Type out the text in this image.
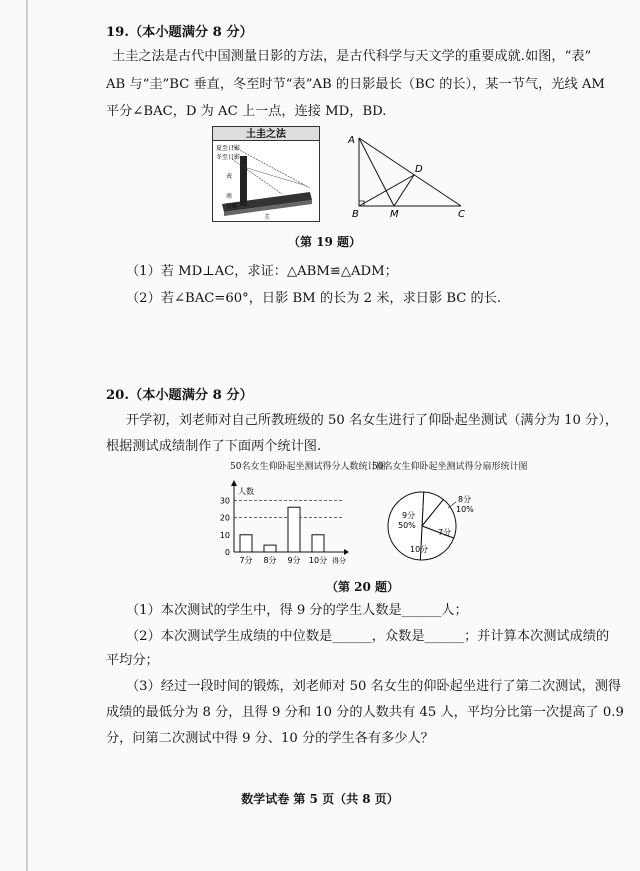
19.（本小题满分 8 分）
土圭之法是古代中国测量日影的方法，是古代科学与天文学的重要成就.如图，“表”
AB 与“圭”BC 垂直，冬至时节“表”AB 的日影最长（BC 的长），某一节气，光线 AM
平分∠BAC，D 为 AC 上一点，连接 MD，BD.
土圭之法
夏至日影
冬至日影
表
南
日影
圭
A
B	M	C
D
（第 19 题）
（1）若 MD⊥AC，求证：△ABM≌△ADM；
（2）若∠BAC=60°，日影 BM 的长为 2 米，求日影 BC 的长.
20.（本小题满分 8 分）
开学初，刘老师对自己所教班级的 50 名女生进行了仰卧起坐测试（满分为 10 分），
根据测试成绩制作了下面两个统计图.
50名女生仰卧起坐测试得分人数统计图
人数
得分
0
10
20
30
7分 8分 9分 10分
50名女生仰卧起坐测试得分扇形统计图
9分
50%
7分
10分
8分
10%
（第 20 题）
（1）本次测试的学生中，得 9 分的学生人数是______人；
（2）本次测试学生成绩的中位数是______，众数是______；并计算本次测试成绩的
平均分；
（3）经过一段时间的锻炼，刘老师对 50 名女生的仰卧起坐进行了第二次测试，测得
成绩的最低分为 8 分，且得 9 分和 10 分的人数共有 45 人，平均分比第一次提高了 0.9
分，问第二次测试中得 9 分、10 分的学生各有多少人？
数学试卷 第 5 页（共 8 页）
